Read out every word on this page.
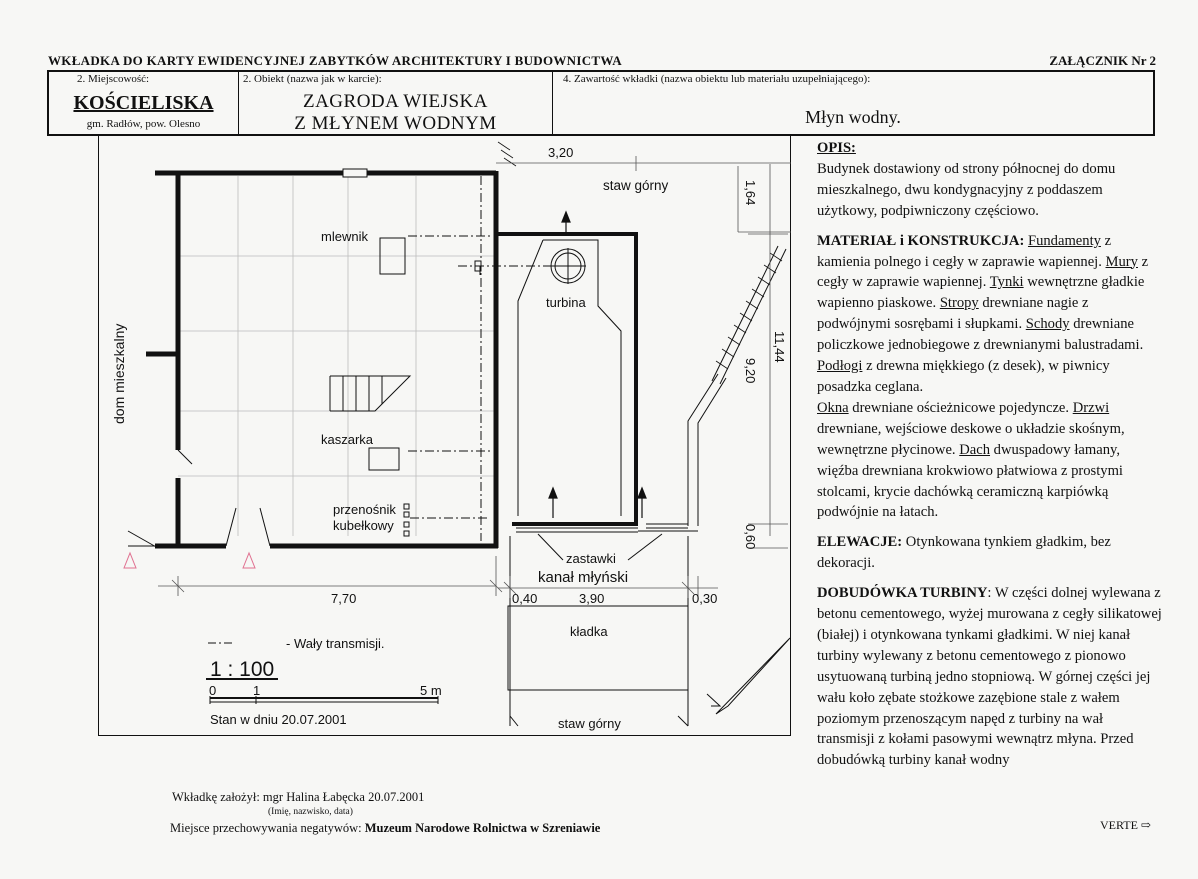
WKŁADKA DO KARTY EWIDENCYJNEJ ZABYTKÓW ARCHITEKTURY I BUDOWNICTWA	ZAŁĄCZNIK Nr 2
2. Miejscowość:
KOŚCIELISKA
gm. Radłów, pow. Olesno
2. Obiekt (nazwa jak w karcie):
ZAGRODA WIEJSKA
Z MŁYNEM WODNYM
4. Zawartość wkładki (nazwa obiektu lub materiału uzupełniającego):
Młyn wodny.
staw górny
mlewnik
turbina
kaszarka
przenośnik
kubełkowy
dom mieszkalny
zastawki
kanał młyński
kładka
staw górny
3,20
1,64
11,44
9,20
0,60
7,70	0,40	3,90	0,30
- Wały transmisji.
1 : 100
0	1	5 m
Stan w dniu 20.07.2001

OPIS:
Budynek dostawiony od strony północnej do domu mieszkalnego, dwu kondygnacyjny z poddaszem użytkowy, podpiwniczony częściowo.

MATERIAŁ i KONSTRUKCJA: Fundamenty z kamienia polnego i cegły w zaprawie wapiennej. Mury z cegły w zaprawie wapiennej. Tynki wewnętrzne gładkie wapienno piaskowe. Stropy drewniane nagie z podwójnymi sosrębami i słupkami. Schody drewniane policzkowe jednobiegowe z drewnianymi balustradami. Podłogi z drewna miękkiego (z desek), w piwnicy posadzka ceglana.
Okna drewniane ościeżnicowe pojedyncze. Drzwi drewniane, wejściowe deskowe o układzie skośnym, wewnętrzne płycinowe. Dach dwuspadowy łamany, więźba drewniana krokwiowo płatwiowa z prostymi stolcami, krycie dachówką ceramiczną karpiówką podwójnie na łatach.

ELEWACJE: Otynkowana tynkiem gładkim, bez dekoracji.

DOBUDÓWKA TURBINY: W części dolnej wylewana z betonu cementowego, wyżej murowana z cegły silikatowej (białej) i otynkowana tynkami gładkimi. W niej kanał turbiny wylewany z betonu cementowego z pionowo usytuowaną turbiną jedno stopniową. W górnej części jej wału koło zębate stożkowe zazębione stale z wałem poziomym przenoszącym napęd z turbiny na wał transmisji z kołami pasowymi wewnątrz młyna. Przed dobudówką turbiny kanał wodny

VERTE ⇨
Wkładkę założył: mgr Halina Łabęcka 20.07.2001
(Imię, nazwisko, data)
Miejsce przechowywania negatywów: Muzeum Narodowe Rolnictwa w Szreniawie
